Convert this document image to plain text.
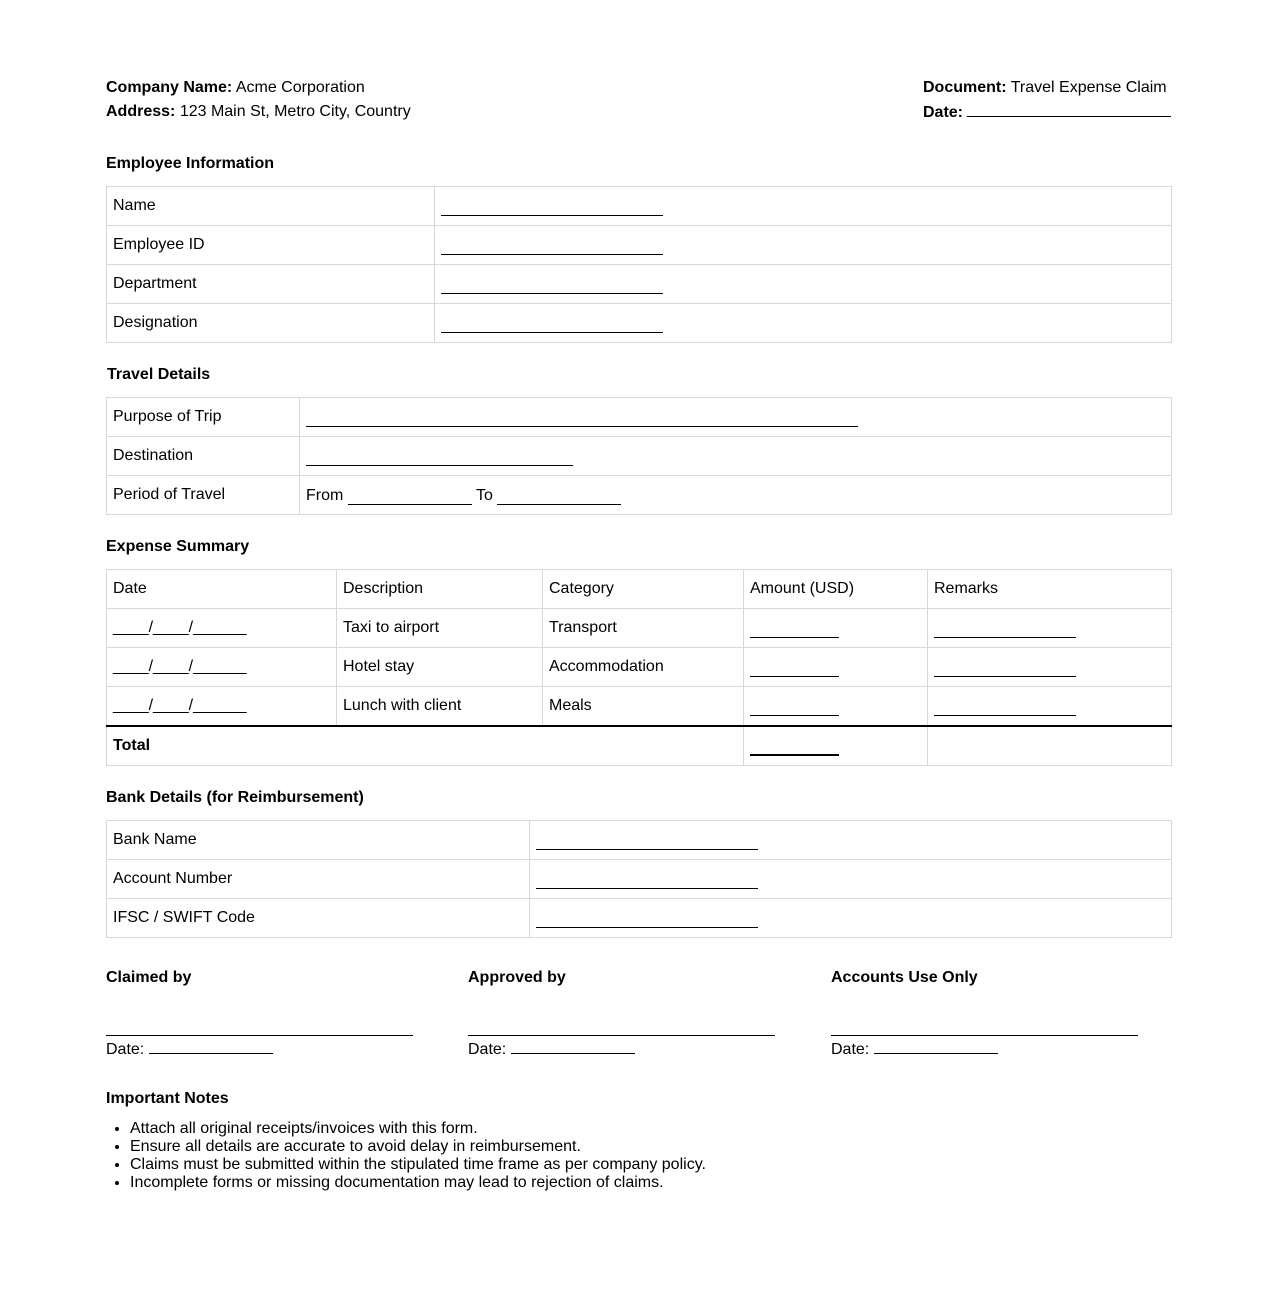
Company Name: Acme Corporation
Address: 123 Main St, Metro City, Country
Document: Travel Expense Claim
Date:
Employee Information
Name	
Employee ID	
Department	
Designation	
Travel Details
Purpose of Trip	
Destination	
Period of Travel	From To
Expense Summary
Date	Description	Category	Amount (USD)	Remarks
____/____/______	Taxi to airport	Transport		
____/____/______	Hotel stay	Accommodation		
____/____/______	Lunch with client	Meals		
Total				
Bank Details (for Reimbursement)
Bank Name	
Account Number	
IFSC / SWIFT Code	
Claimed by
Date:
Approved by
Date:
Accounts Use Only
Date:
Important Notes
• Attach all original receipts/invoices with this form.
• Ensure all details are accurate to avoid delay in reimbursement.
• Claims must be submitted within the stipulated time frame as per company policy.
• Incomplete forms or missing documentation may lead to rejection of claims.
